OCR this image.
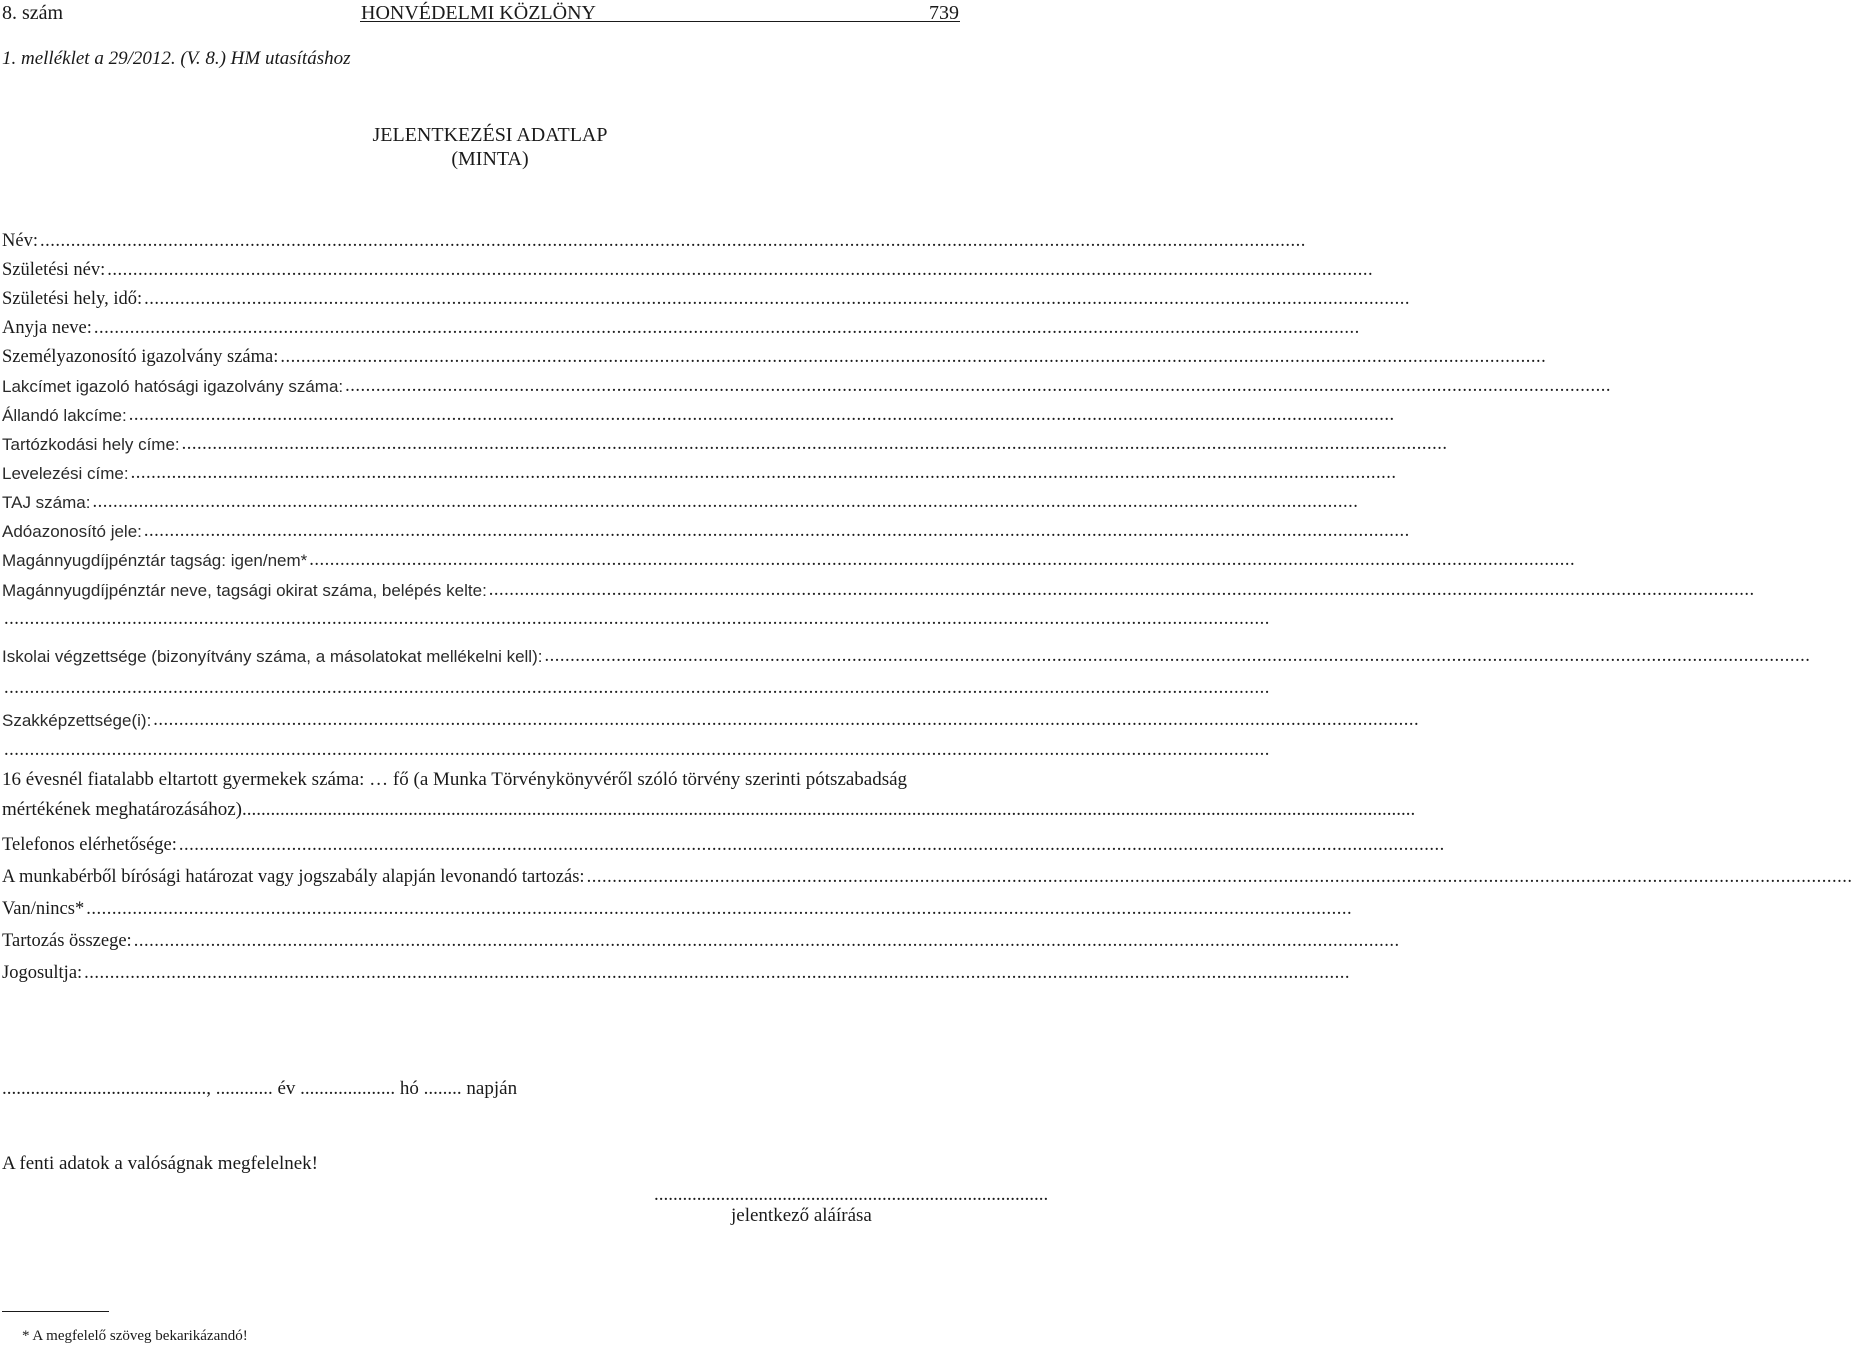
8. szám	HONVÉDELMI KÖZLÖNY	739
1. melléklet a 29/2012. (V. 8.) HM utasításhoz
JELENTKEZÉSI ADATLAP
(MINTA)
Név: .......................................................................................................................................................................................................................................................
Születési név: .......................................................................................................................................................................................................................................................
Születési hely, idő: .......................................................................................................................................................................................................................................................
Anyja neve: .......................................................................................................................................................................................................................................................
Személyazonosító igazolvány száma: .......................................................................................................................................................................................................................................................
Lakcímet igazoló hatósági igazolvány száma: .......................................................................................................................................................................................................................................................
Állandó lakcíme: .......................................................................................................................................................................................................................................................
Tartózkodási hely címe: .......................................................................................................................................................................................................................................................
Levelezési címe: .......................................................................................................................................................................................................................................................
TAJ száma: .......................................................................................................................................................................................................................................................
Adóazonosító jele: .......................................................................................................................................................................................................................................................
Magánnyugdíjpénztár tagság: igen/nem* .......................................................................................................................................................................................................................................................
Magánnyugdíjpénztár neve, tagsági okirat száma, belépés kelte: .......................................................................................................................................................................................................................................................
.......................................................................................................................................................................................................................................................
Iskolai végzettsége (bizonyítvány száma, a másolatokat mellékelni kell): .......................................................................................................................................................................................................................................................
.......................................................................................................................................................................................................................................................
Szakképzettsége(i): .......................................................................................................................................................................................................................................................
.......................................................................................................................................................................................................................................................
16 évesnél fiatalabb eltartott gyermekek száma: … fő (a Munka Törvénykönyvéről szóló törvény szerinti pótszabadság
mértékének meghatározásához) .......................................................................................................................................................................................................................................................
Telefonos elérhetősége: .......................................................................................................................................................................................................................................................
A munkabérből bírósági határozat vagy jogszabály alapján levonandó tartozás: .......................................................................................................................................................................................................................................................
Van/nincs* .......................................................................................................................................................................................................................................................
Tartozás összege: .......................................................................................................................................................................................................................................................
Jogosultja: .......................................................................................................................................................................................................................................................
..........................................., ............ év .................... hó ........ napján
A fenti adatok a valóságnak megfelelnek!
...................................................................................
jelentkező aláírása
* A megfelelő szöveg bekarikázandó!
